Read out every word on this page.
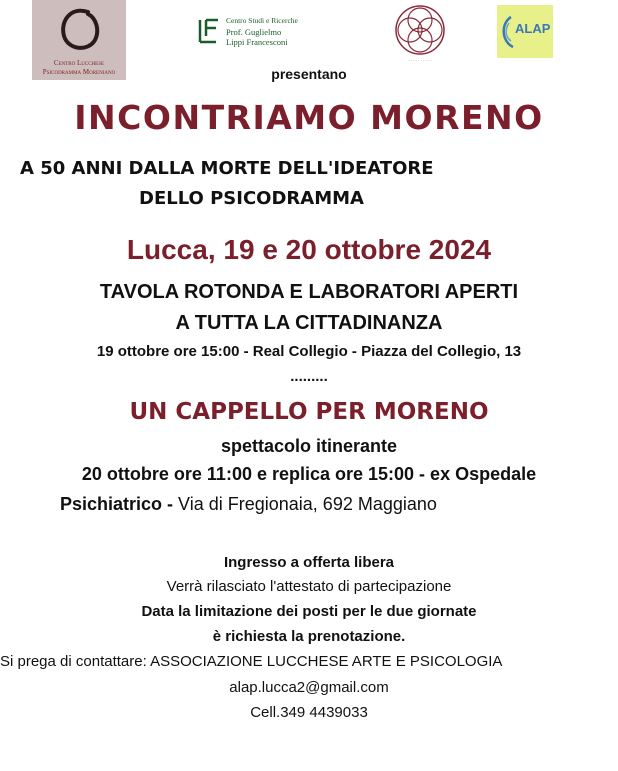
Centro Lucchese
Psicodramma Moreniano
Centro Studi e Ricerche
Prof. Guglielmo
Lippi Francesconi
· · · · · · · · · ·
ALAP
presentano
INCONTRIAMO MORENO
A 50 ANNI DALLA MORTE DELL'IDEATORE
DELLO PSICODRAMMA
Lucca, 19 e 20 ottobre 2024
TAVOLA ROTONDA E LABORATORI APERTI
A TUTTA LA CITTADINANZA
19 ottobre ore 15:00 - Real Collegio - Piazza del Collegio, 13
.........
UN CAPPELLO PER MORENO
spettacolo itinerante
20 ottobre ore 11:00 e replica ore 15:00 - ex Ospedale
Psichiatrico - Via di Fregionaia, 692 Maggiano
Ingresso a offerta libera
Verrà rilasciato l'attestato di partecipazione
Data la limitazione dei posti per le due giornate
è richiesta la prenotazione.
Si prega di contattare: ASSOCIAZIONE LUCCHESE ARTE E PSICOLOGIA
alap.lucca2@gmail.com
Cell.349 4439033
